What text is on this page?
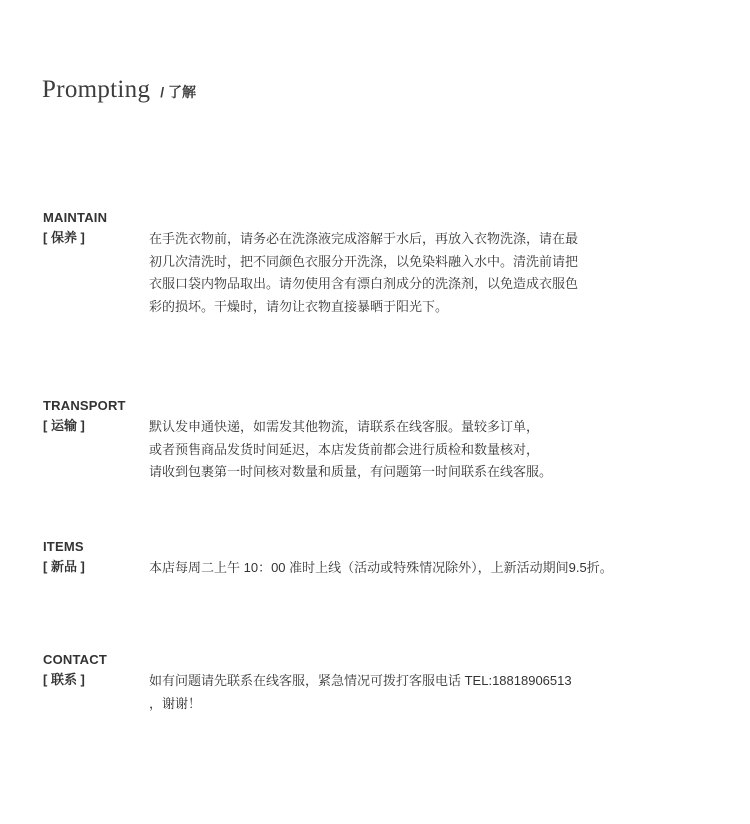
Prompting / 了解
MAINTAIN
[ 保养 ]	在手洗衣物前，请务必在洗涤液完成溶解于水后，再放入衣物洗涤，请在最
初几次清洗时，把不同颜色衣服分开洗涤，以免染料融入水中。清洗前请把
衣服口袋内物品取出。请勿使用含有漂白剂成分的洗涤剂，以免造成衣服色
彩的损坏。干燥时，请勿让衣物直接暴晒于阳光下。
TRANSPORT
[ 运输 ]	默认发申通快递，如需发其他物流，请联系在线客服。量较多订单，
或者预售商品发货时间延迟，本店发货前都会进行质检和数量核对，
请收到包裹第一时间核对数量和质量，有问题第一时间联系在线客服。
ITEMS
[ 新品 ]	本店每周二上午 10：00 准时上线（活动或特殊情况除外），上新活动期间9.5折。
CONTACT
[ 联系 ]	如有问题请先联系在线客服，紧急情况可拨打客服电话 TEL:18818906513
，谢谢！
